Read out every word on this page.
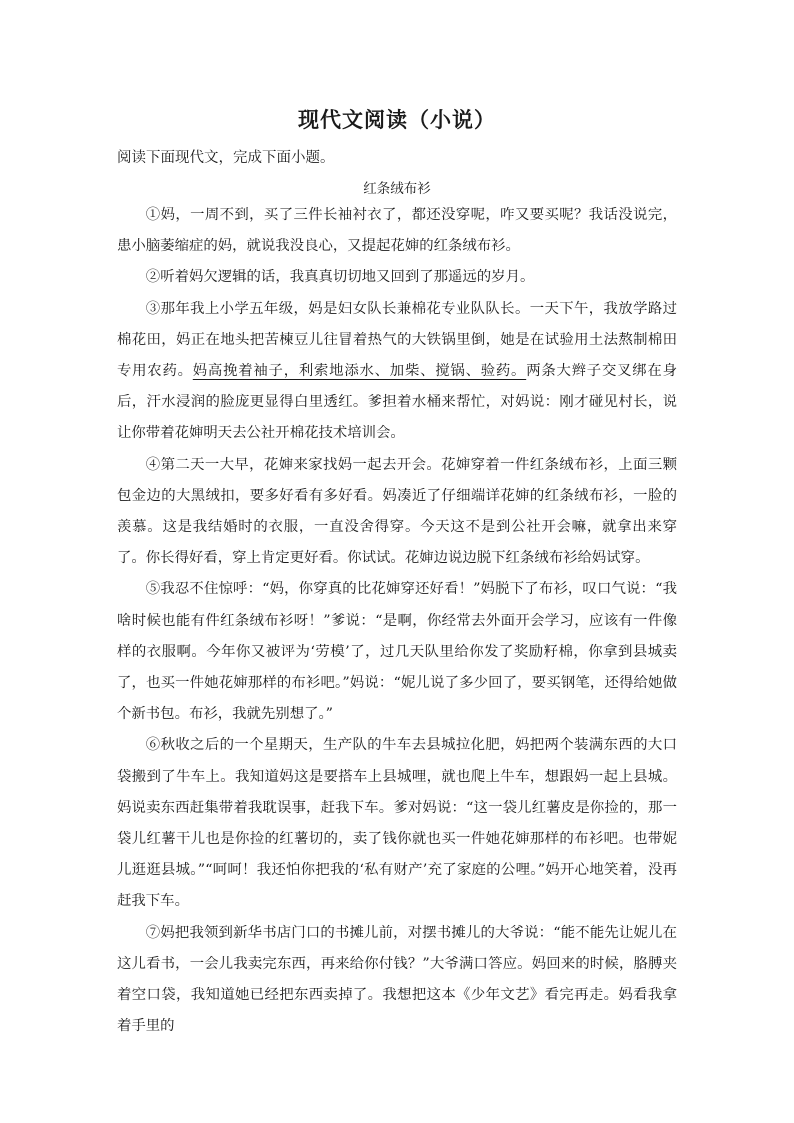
现代文阅读（小说）
阅读下面现代文，完成下面小题。
红条绒布衫

①妈，一周不到，买了三件长袖衬衣了，都还没穿呢，咋又要买呢？我话没说完，患小脑萎缩症的妈，就说我没良心，又提起花婶的红条绒布衫。

②听着妈欠逻辑的话，我真真切切地又回到了那遥远的岁月。

③那年我上小学五年级，妈是妇女队长兼棉花专业队队长。一天下午，我放学路过棉花田，妈正在地头把苦楝豆儿往冒着热气的大铁锅里倒，她是在试验用土法熬制棉田专用农药。妈高挽着袖子，利索地添水、加柴、搅锅、验药。两条大辫子交叉绑在身后，汗水浸润的脸庞更显得白里透红。爹担着水桶来帮忙，对妈说：刚才碰见村长，说让你带着花婶明天去公社开棉花技术培训会。

④第二天一大早，花婶来家找妈一起去开会。花婶穿着一件红条绒布衫，上面三颗包金边的大黑绒扣，要多好看有多好看。妈凑近了仔细端详花婶的红条绒布衫，一脸的羡慕。这是我结婚时的衣服，一直没舍得穿。今天这不是到公社开会嘛，就拿出来穿了。你长得好看，穿上肯定更好看。你试试。花婶边说边脱下红条绒布衫给妈试穿。

⑤我忍不住惊呼：“妈，你穿真的比花婶穿还好看！”妈脱下了布衫，叹口气说：“我啥时候也能有件红条绒布衫呀！”爹说：“是啊，你经常去外面开会学习，应该有一件像样的衣服啊。今年你又被评为‘劳模’了，过几天队里给你发了奖励籽棉，你拿到县城卖了，也买一件她花婶那样的布衫吧。”妈说：“妮儿说了多少回了，要买钢笔，还得给她做个新书包。布衫，我就先别想了。”

⑥秋收之后的一个星期天，生产队的牛车去县城拉化肥，妈把两个装满东西的大口袋搬到了牛车上。我知道妈这是要搭车上县城哩，就也爬上牛车，想跟妈一起上县城。妈说卖东西赶集带着我耽误事，赶我下车。爹对妈说：“这一袋儿红薯皮是你捡的，那一袋儿红薯干儿也是你捡的红薯切的，卖了钱你就也买一件她花婶那样的布衫吧。也带妮儿逛逛县城。”“呵呵！我还怕你把我的‘私有财产’充了家庭的公哩。”妈开心地笑着，没再赶我下车。

⑦妈把我领到新华书店门口的书摊儿前，对摆书摊儿的大爷说：“能不能先让妮儿在这儿看书，一会儿我卖完东西，再来给你付钱？”大爷满口答应。妈回来的时候，胳膊夹着空口袋，我知道她已经把东西卖掉了。我想把这本《少年文艺》看完再走。妈看我拿着手里的
